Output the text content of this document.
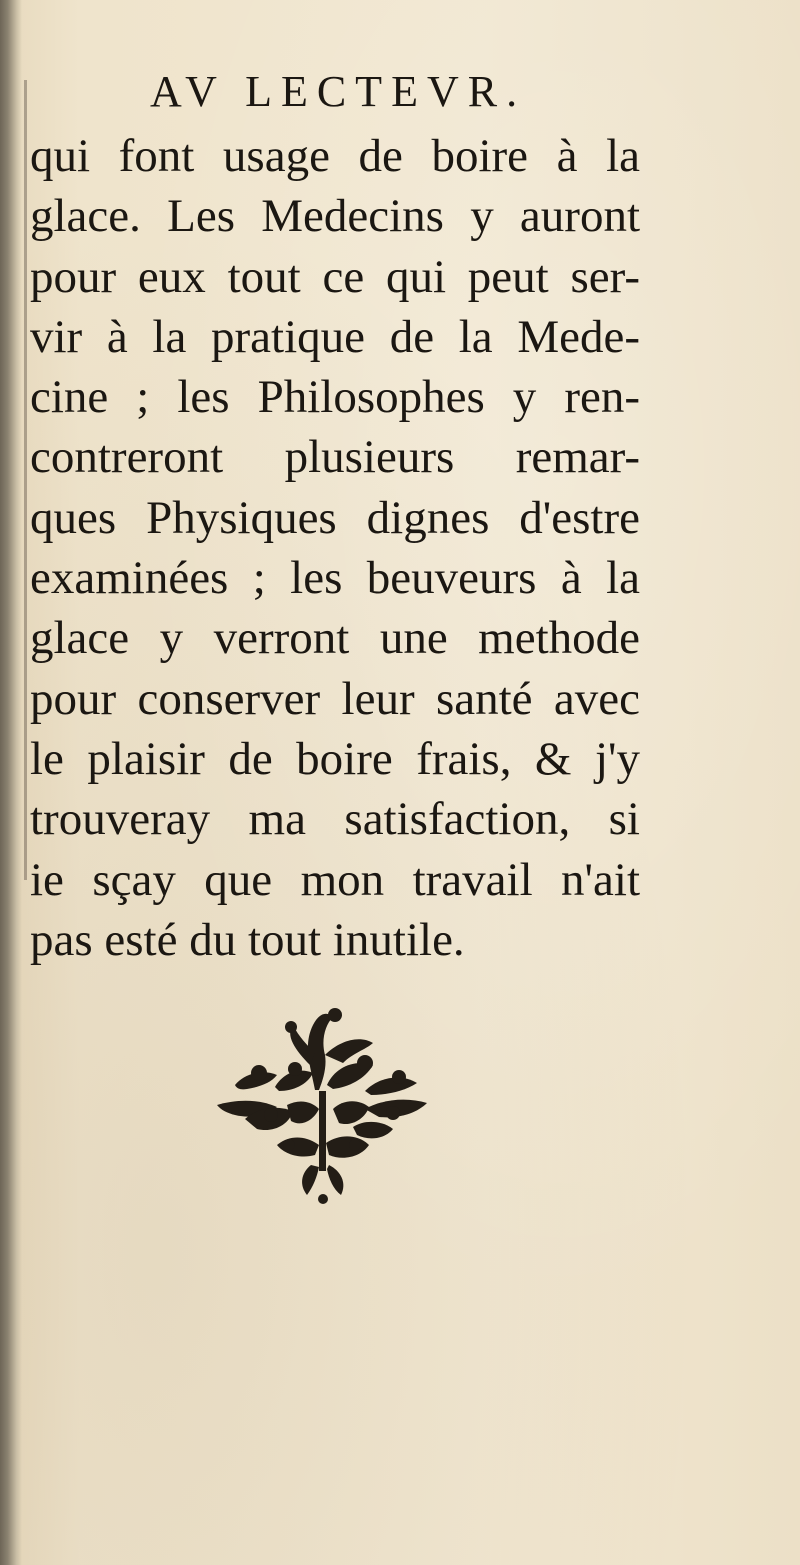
AV LECTEVR.
qui font usage de boire à la
glace. Les Medecins y auront
pour eux tout ce qui peut ser-
vir à la pratique de la Mede-
cine ; les Philosophes y ren-
contreront plusieurs remar-
ques Physiques dignes d'estre
examinées ; les beuveurs à la
glace y verront une methode
pour conserver leur santé avec
le plaisir de boire frais, & j'y
trouveray ma satisfaction, si
ie sçay que mon travail n'ait
pas esté du tout inutile.
